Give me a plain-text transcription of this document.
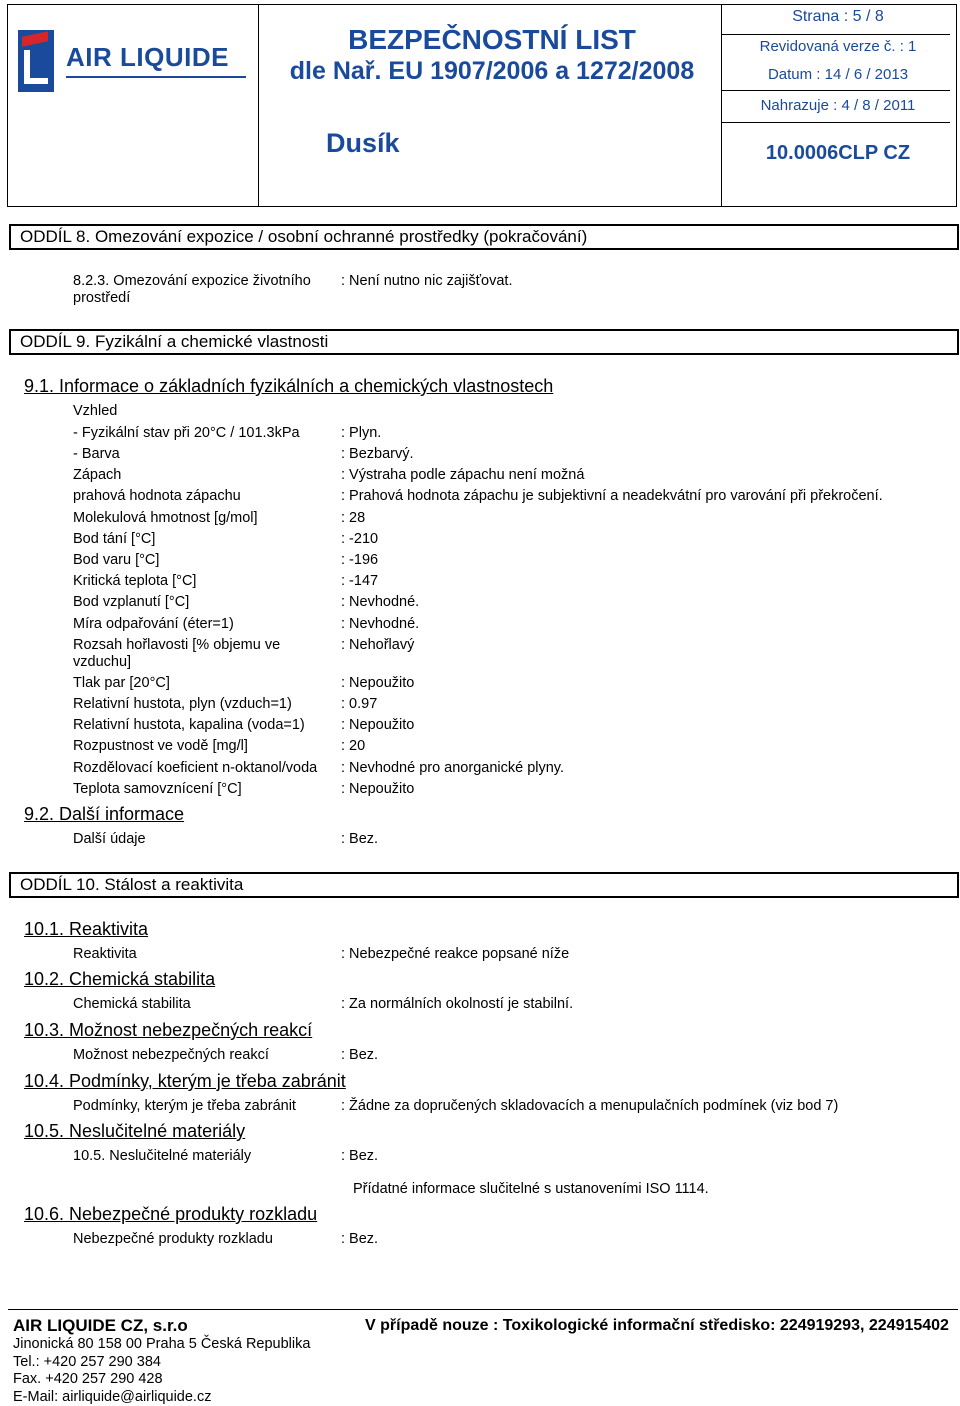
AIR LIQUIDE
BEZPEČNOSTNÍ LIST
dle Nař. EU 1907/2006 a 1272/2008
Dusík
Strana : 5 / 8
Revidovaná verze č. : 1
Datum : 14 / 6 / 2013
Nahrazuje : 4 / 8 / 2011
10.0006CLP CZ
ODDÍL 8. Omezování expozice / osobní ochranné prostředky (pokračování)
8.2.3. Omezování expozice životního
prostředí
: Není nutno nic zajišťovat.
ODDÍL 9. Fyzikální a chemické vlastnosti
9.1. Informace o základních fyzikálních a chemických vlastnostech
Vzhled
- Fyzikální stav při 20°C / 101.3kPa	: Plyn.
- Barva	: Bezbarvý.
Zápach	: Výstraha podle zápachu není možná
prahová hodnota zápachu	: Prahová hodnota zápachu je subjektivní a neadekvátní pro varování při překročení.
Molekulová hmotnost [g/mol]	: 28
Bod tání [°C]	: -210
Bod varu [°C]	: -196
Kritická teplota [°C]	: -147
Bod vzplanutí [°C]	: Nevhodné.
Míra odpařování (éter=1)	: Nevhodné.
Rozsah hořlavosti [% objemu ve	: Nehořlavý
vzduchu]
Tlak par [20°C]	: Nepoužito
Relativní hustota, plyn (vzduch=1)	: 0.97
Relativní hustota, kapalina (voda=1)	: Nepoužito
Rozpustnost ve vodě [mg/l]	: 20
Rozdělovací koeficient n-oktanol/voda : Nevhodné pro anorganické plyny.
Teplota samovznícení [°C]	: Nepoužito
9.2. Další informace
Další údaje	: Bez.
ODDÍL 10. Stálost a reaktivita
10.1. Reaktivita
Reaktivita	: Nebezpečné reakce popsané níže
10.2. Chemická stabilita
Chemická stabilita	: Za normálních okolností je stabilní.
10.3. Možnost nebezpečných reakcí
Možnost nebezpečných reakcí	: Bez.
10.4. Podmínky, kterým je třeba zabránit
Podmínky, kterým je třeba zabránit	: Žádne za dopručených skladovacích a menupulačních podmínek (viz bod 7)
10.5. Neslučitelné materiály
10.5. Neslučitelné materiály	: Bez.
Přídatné informace slučitelné s ustanoveními ISO 1114.
10.6. Nebezpečné produkty rozkladu
Nebezpečné produkty rozkladu	: Bez.
AIR LIQUIDE CZ, s.r.o	V případě nouze : Toxikologické informační středisko: 224919293, 224915402
Jinonická 80 158 00 Praha 5 Česká Republika
Tel.: +420 257 290 384
Fax. +420 257 290 428
E-Mail: airliquide@airliquide.cz
